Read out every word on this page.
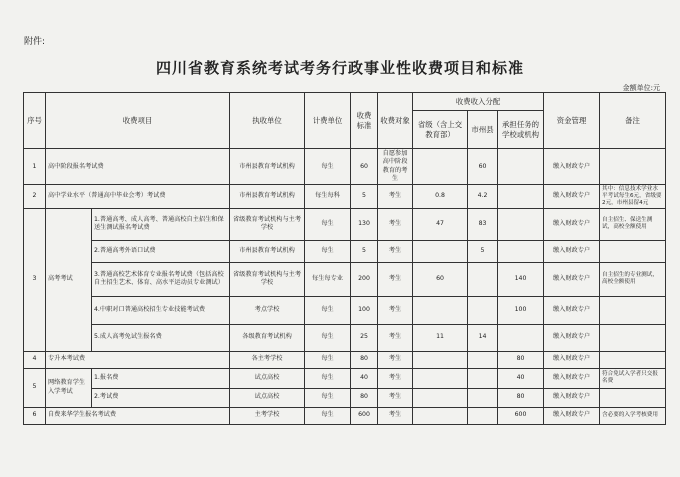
附件:
四川省教育系统考试考务行政事业性收费项目和标准
金额单位:元
序号	收费项目		执收单位	计费单位	收费标准	收费对象	收费收入分配			资金管理	备注
							省级（含上交教育部）	市州县	承担任务的学校或机构		
1	高中阶段报名考试费		市州县教育考试机构	每生	60	自愿参加高中阶段教育的考生		60		缴入财政专户	
2	高中学业水平（普通高中毕业会考）考试费		市州县教育考试机构	每生每科	5	考生	0.8	4.2		缴入财政专户	其中：信息技术学业水平考试每生6元，省级要2元，市州县留4元
3	高考考试	1.普通高考、成人高考、普通高校自主招生和保送生测试报名考试费	省级教育考试机构与主考学校	每生	130	考生	47	83		缴入财政专户	自主招生、保送生测试，高校全额使用
		2.普通高考外语口试费	市州县教育考试机构	每生	5	考生		5		缴入财政专户	
		3.普通高校艺术体育专业报名考试费（包括高校自主招生艺术、体育、高水平运动员专业测试）	省级教育考试机构与主考学校	每生每专业	200	考生	60		140	缴入财政专户	自主招生的专业测试，高校全额使用
		4.中职对口普通高校招生专业技能考试费	考点学校	每生	100	考生			100	缴入财政专户	
		5.成人高考免试生报名费	各级教育考试机构	每生	25	考生	11	14		缴入财政专户	
4	专升本考试费		各主考学校	每生	80	考生			80	缴入财政专户	
5	网络教育学生入学考试	1.报名费	试点高校	每生	40	考生			40	缴入财政专户	符合免试入学者只交报名费
		2.考试费	试点高校	每生	80	考生			80	缴入财政专户	
6	自费来华学生报名考试费		主考学校	每生	600	考生			600	缴入财政专户	含必要的入学考核费用
